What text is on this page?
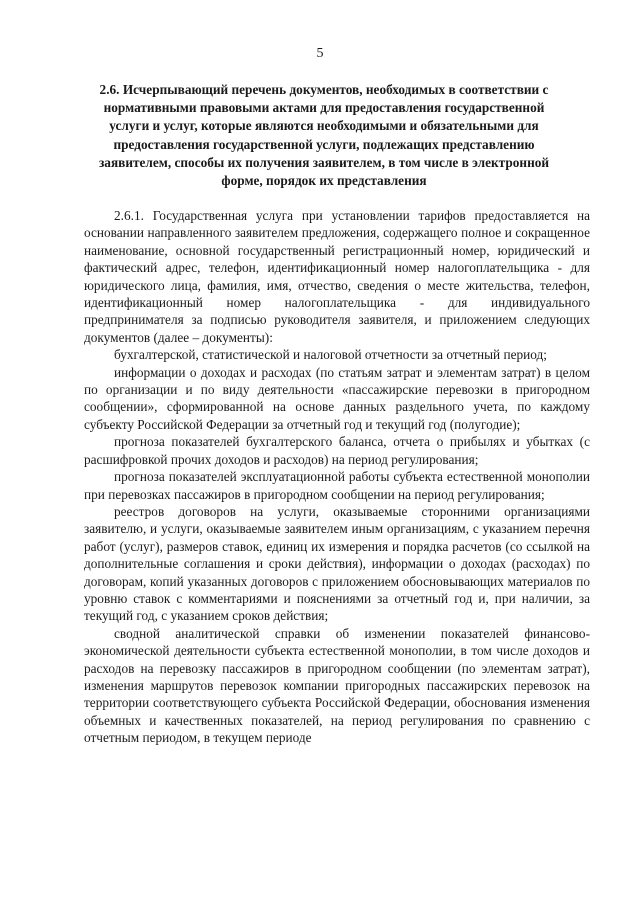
5
2.6. Исчерпывающий перечень документов, необходимых в соответствии с нормативными правовыми актами для предоставления государственной услуги и услуг, которые являются необходимыми и обязательными для предоставления государственной услуги, подлежащих представлению заявителем, способы их получения заявителем, в том числе в электронной форме, порядок их представления

2.6.1. Государственная услуга при установлении тарифов предоставляется на основании направленного заявителем предложения, содержащего полное и сокращенное наименование, основной государственный регистрационный номер, юридический и фактический адрес, телефон, идентификационный номер налогоплательщика - для юридического лица, фамилия, имя, отчество, сведения о месте жительства, телефон, идентификационный номер налогоплательщика - для индивидуального предпринимателя за подписью руководителя заявителя, и приложением следующих документов (далее – документы):

бухгалтерской, статистической и налоговой отчетности за отчетный период;

информации о доходах и расходах (по статьям затрат и элементам затрат) в целом по организации и по виду деятельности «пассажирские перевозки в пригородном сообщении», сформированной на основе данных раздельного учета, по каждому субъекту Российской Федерации за отчетный год и текущий год (полугодие);

прогноза показателей бухгалтерского баланса, отчета о прибылях и убытках (с расшифровкой прочих доходов и расходов) на период регулирования;

прогноза показателей эксплуатационной работы субъекта естественной монополии при перевозках пассажиров в пригородном сообщении на период регулирования;

реестров договоров на услуги, оказываемые сторонними организациями заявителю, и услуги, оказываемые заявителем иным организациям, с указанием перечня работ (услуг), размеров ставок, единиц их измерения и порядка расчетов (со ссылкой на дополнительные соглашения и сроки действия), информации о доходах (расходах) по договорам, копий указанных договоров с приложением обосновывающих материалов по уровню ставок с комментариями и пояснениями за отчетный год и, при наличии, за текущий год, с указанием сроков действия;

сводной аналитической справки об изменении показателей финансово-экономической деятельности субъекта естественной монополии, в том числе доходов и расходов на перевозку пассажиров в пригородном сообщении (по элементам затрат), изменения маршрутов перевозок компании пригородных пассажирских перевозок на территории соответствующего субъекта Российской Федерации, обоснования изменения объемных и качественных показателей, на период регулирования по сравнению с отчетным периодом, в текущем периоде
